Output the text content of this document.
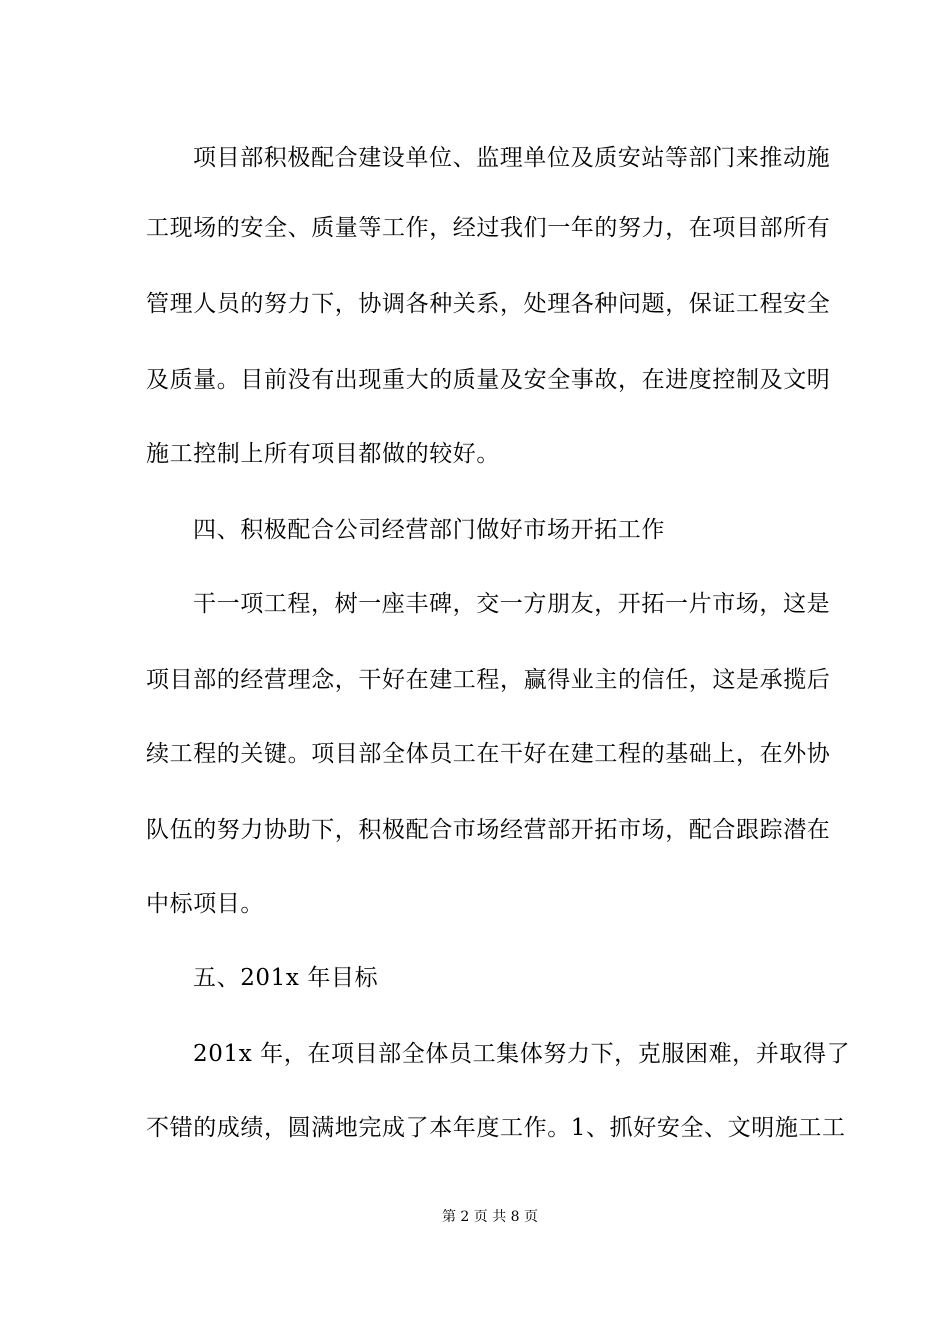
项目部积极配合建设单位、监理单位及质安站等部门来推动施
工现场的安全、质量等工作，经过我们一年的努力，在项目部所有
管理人员的努力下，协调各种关系，处理各种问题，保证工程安全
及质量。目前没有出现重大的质量及安全事故，在进度控制及文明
施工控制上所有项目都做的较好。
四、积极配合公司经营部门做好市场开拓工作
干一项工程，树一座丰碑，交一方朋友，开拓一片市场，这是
项目部的经营理念，干好在建工程，赢得业主的信任，这是承揽后
续工程的关键。项目部全体员工在干好在建工程的基础上，在外协
队伍的努力协助下，积极配合市场经营部开拓市场，配合跟踪潜在
中标项目。
五、201x 年目标
201x 年，在项目部全体员工集体努力下，克服困难，并取得了
不错的成绩，圆满地完成了本年度工作。1、抓好安全、文明施工工
第 2 页 共 8 页
